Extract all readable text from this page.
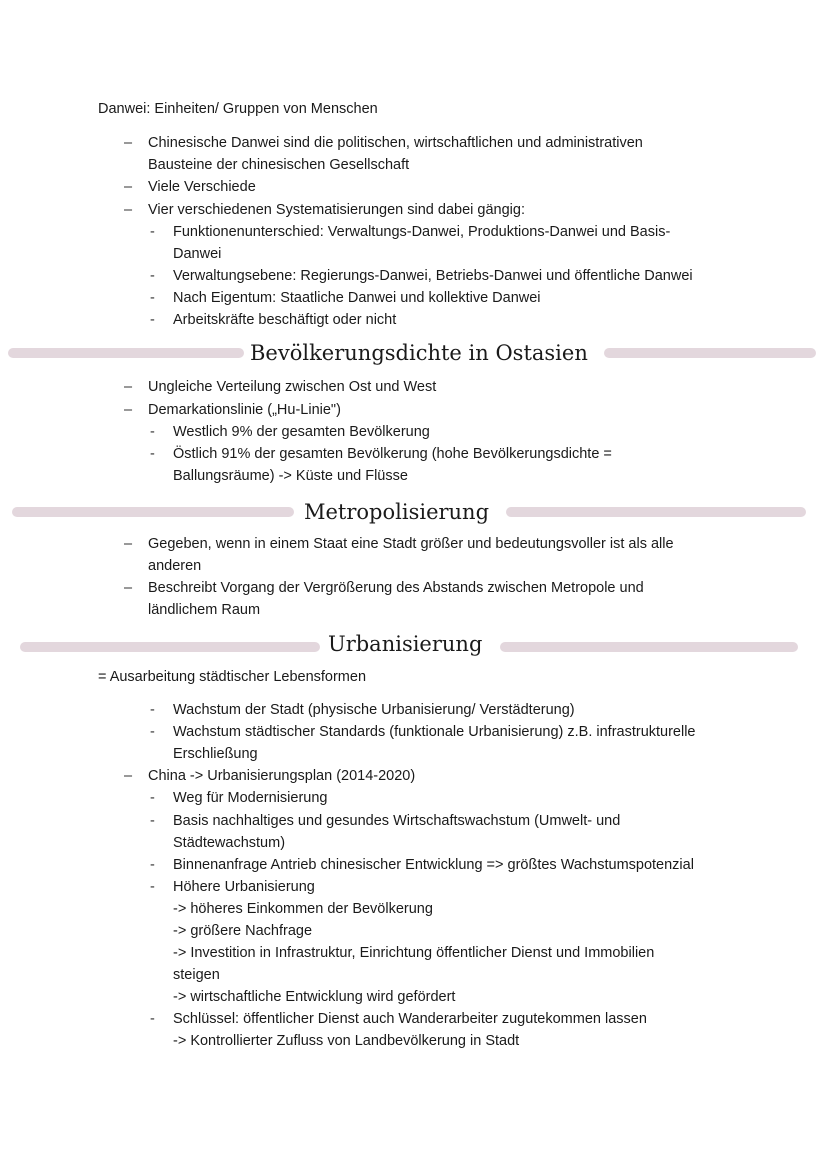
Danwei: Einheiten/ Gruppen von Menschen
– Chinesische Danwei sind die politischen, wirtschaftlichen und administrativen
Bausteine der chinesischen Gesellschaft
– Viele Verschiede
– Vier verschiedenen Systematisierungen sind dabei gängig:
- Funktionenunterschied: Verwaltungs-Danwei, Produktions-Danwei und Basis-
Danwei
- Verwaltungsebene: Regierungs-Danwei, Betriebs-Danwei und öffentliche Danwei
- Nach Eigentum: Staatliche Danwei und kollektive Danwei
- Arbeitskräfte beschäftigt oder nicht
Bevölkerungsdichte in Ostasien
– Ungleiche Verteilung zwischen Ost und West
– Demarkationslinie („Hu-Linie")
- Westlich 9% der gesamten Bevölkerung
- Östlich 91% der gesamten Bevölkerung (hohe Bevölkerungsdichte =
Ballungsräume) -> Küste und Flüsse
Metropolisierung
– Gegeben, wenn in einem Staat eine Stadt größer und bedeutungsvoller ist als alle
anderen
– Beschreibt Vorgang der Vergrößerung des Abstands zwischen Metropole und
ländlichem Raum
Urbanisierung
= Ausarbeitung städtischer Lebensformen
- Wachstum der Stadt (physische Urbanisierung/ Verstädterung)
- Wachstum städtischer Standards (funktionale Urbanisierung) z.B. infrastrukturelle
Erschließung
– China -> Urbanisierungsplan (2014-2020)
- Weg für Modernisierung
- Basis nachhaltiges und gesundes Wirtschaftswachstum (Umwelt- und
Städtewachstum)
- Binnenanfrage Antrieb chinesischer Entwicklung => größtes Wachstumspotenzial
- Höhere Urbanisierung
-> höheres Einkommen der Bevölkerung
-> größere Nachfrage
-> Investition in Infrastruktur, Einrichtung öffentlicher Dienst und Immobilien
steigen
-> wirtschaftliche Entwicklung wird gefördert
- Schlüssel: öffentlicher Dienst auch Wanderarbeiter zugutekommen lassen
-> Kontrollierter Zufluss von Landbevölkerung in Stadt
